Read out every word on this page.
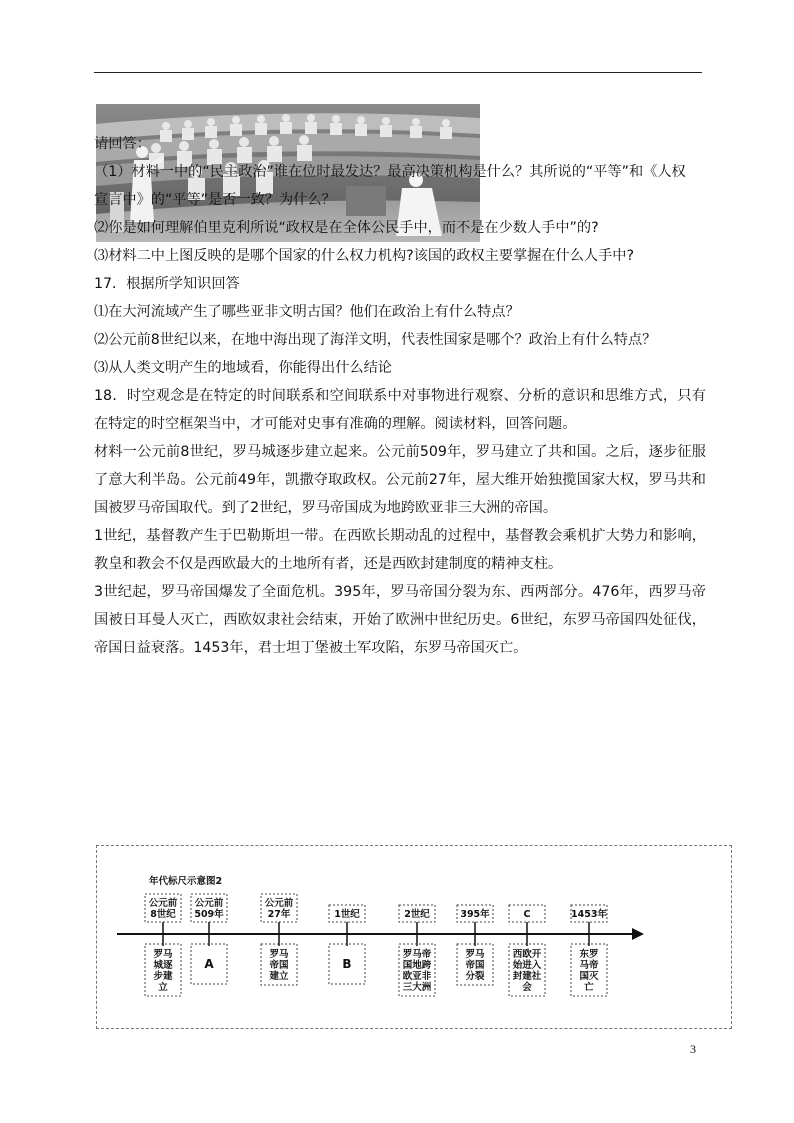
请回答：
（1）材料一中的“民主政治”谁在位时最发达？最高决策机构是什么？其所说的“平等”和《人权
宣言中》的“平等”是否一致？为什么？
⑵你是如何理解伯里克利所说“政权是在全体公民手中，而不是在少数人手中”的?
⑶材料二中上图反映的是哪个国家的什么权力机构?该国的政权主要掌握在什么人手中?
17．根据所学知识回答
⑴在大河流域产生了哪些亚非文明古国？他们在政治上有什么特点？
⑵公元前8世纪以来，在地中海出现了海洋文明，代表性国家是哪个？政治上有什么特点？
⑶从人类文明产生的地域看，你能得出什么结论
18．时空观念是在特定的时间联系和空间联系中对事物进行观察、分析的意识和思维方式，只有在特定的时空框架当中，才可能对史事有准确的理解。阅读材料，回答问题。
材料一公元前8世纪，罗马城逐步建立起来。公元前509年，罗马建立了共和国。之后，逐步征服了意大利半岛。公元前49年，凯撒夺取政权。公元前27年，屋大维开始独揽国家大权，罗马共和国被罗马帝国取代。到了2世纪，罗马帝国成为地跨欧亚非三大洲的帝国。
1世纪，基督教产生于巴勒斯坦一带。在西欧长期动乱的过程中，基督教会乘机扩大势力和影响，教皇和教会不仅是西欧最大的土地所有者，还是西欧封建制度的精神支柱。
3世纪起，罗马帝国爆发了全面危机。395年，罗马帝国分裂为东、西两部分。476年，西罗马帝国被日耳曼人灭亡，西欧奴隶社会结束，开始了欧洲中世纪历史。6世纪，东罗马帝国四处征伐，帝国日益衰落。1453年，君士坦丁堡被土军攻陷，东罗马帝国灭亡。
年代标尺示意图2
公元前
8世纪
罗马
城逐
步建
立
公元前
509年
A
公元前
27年
罗马
帝国
建立
1世纪
B
2世纪
罗马帝
国地跨
欧亚非
三大洲
395年
罗马
帝国
分裂
C
西欧开
始进入
封建社
会
1453年
东罗
马帝
国灭
亡
3
